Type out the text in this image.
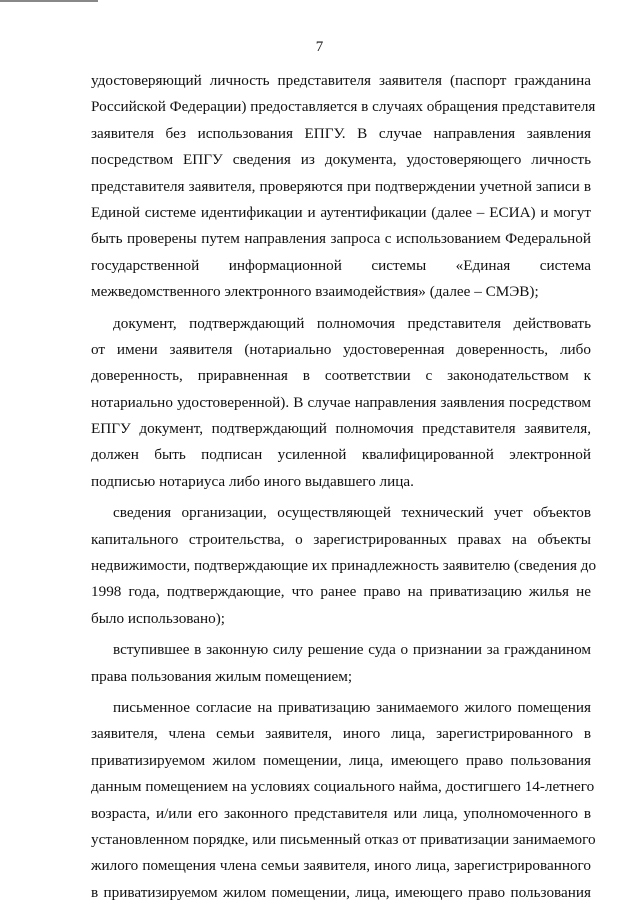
7
удостоверяющий личность представителя заявителя (паспорт гражданина
Российской Федерации) предоставляется в случаях обращения представителя
заявителя без использования ЕПГУ. В случае направления заявления
посредством ЕПГУ сведения из документа, удостоверяющего личность
представителя заявителя, проверяются при подтверждении учетной записи в
Единой системе идентификации и аутентификации (далее – ЕСИА) и могут
быть проверены путем направления запроса с использованием Федеральной
государственной информационной системы «Единая система
межведомственного электронного взаимодействия» (далее – СМЭВ);
документ, подтверждающий полномочия представителя действовать
от имени заявителя (нотариально удостоверенная доверенность, либо
доверенность, приравненная в соответствии с законодательством к
нотариально удостоверенной). В случае направления заявления посредством
ЕПГУ документ, подтверждающий полномочия представителя заявителя,
должен быть подписан усиленной квалифицированной электронной
подписью нотариуса либо иного выдавшего лица.
сведения организации, осуществляющей технический учет объектов
капитального строительства, о зарегистрированных правах на объекты
недвижимости, подтверждающие их принадлежность заявителю (сведения до
1998 года, подтверждающие, что ранее право на приватизацию жилья не
было использовано);
вступившее в законную силу решение суда о признании за гражданином
права пользования жилым помещением;
письменное согласие на приватизацию занимаемого жилого помещения
заявителя, члена семьи заявителя, иного лица, зарегистрированного в
приватизируемом жилом помещении, лица, имеющего право пользования
данным помещением на условиях социального найма, достигшего 14-летнего
возраста, и/или его законного представителя или лица, уполномоченного в
установленном порядке, или письменный отказ от приватизации занимаемого
жилого помещения члена семьи заявителя, иного лица, зарегистрированного
в приватизируемом жилом помещении, лица, имеющего право пользования
